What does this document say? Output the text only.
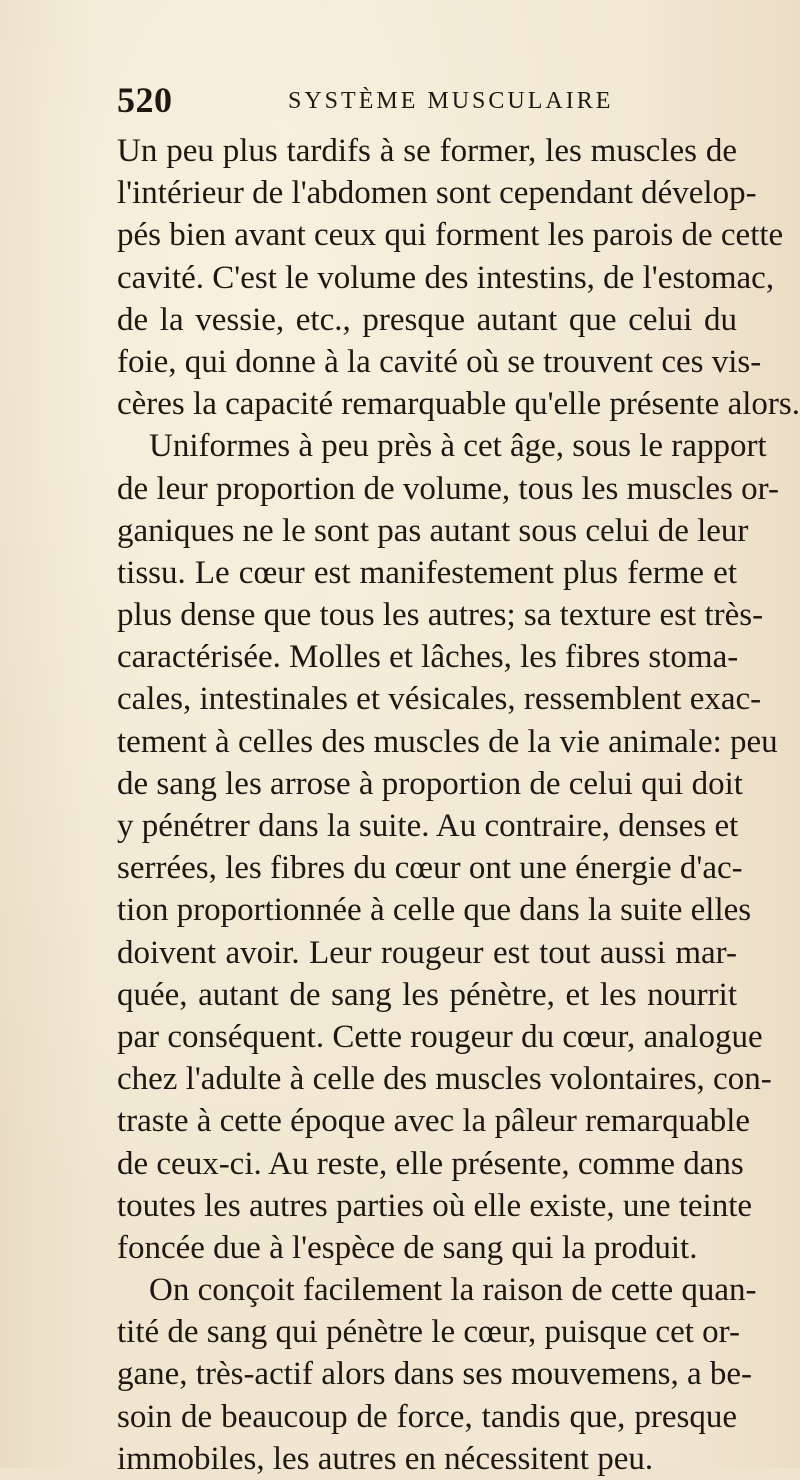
520	SYSTÈME MUSCULAIRE
Un peu plus tardifs à se former, les muscles de
l'intérieur de l'abdomen sont cependant dévelop-
pés bien avant ceux qui forment les parois de cette
cavité. C'est le volume des intestins, de l'estomac,
de la vessie, etc., presque autant que celui du
foie, qui donne à la cavité où se trouvent ces vis-
cères la capacité remarquable qu'elle présente alors.
Uniformes à peu près à cet âge, sous le rapport
de leur proportion de volume, tous les muscles or-
ganiques ne le sont pas autant sous celui de leur
tissu. Le cœur est manifestement plus ferme et
plus dense que tous les autres; sa texture est très-
caractérisée. Molles et lâches, les fibres stoma-
cales, intestinales et vésicales, ressemblent exac-
tement à celles des muscles de la vie animale: peu
de sang les arrose à proportion de celui qui doit
y pénétrer dans la suite. Au contraire, denses et
serrées, les fibres du cœur ont une énergie d'ac-
tion proportionnée à celle que dans la suite elles
doivent avoir. Leur rougeur est tout aussi mar-
quée, autant de sang les pénètre, et les nourrit
par conséquent. Cette rougeur du cœur, analogue
chez l'adulte à celle des muscles volontaires, con-
traste à cette époque avec la pâleur remarquable
de ceux-ci. Au reste, elle présente, comme dans
toutes les autres parties où elle existe, une teinte
foncée due à l'espèce de sang qui la produit.
On conçoit facilement la raison de cette quan-
tité de sang qui pénètre le cœur, puisque cet or-
gane, très-actif alors dans ses mouvemens, a be-
soin de beaucoup de force, tandis que, presque
immobiles, les autres en nécessitent peu.
